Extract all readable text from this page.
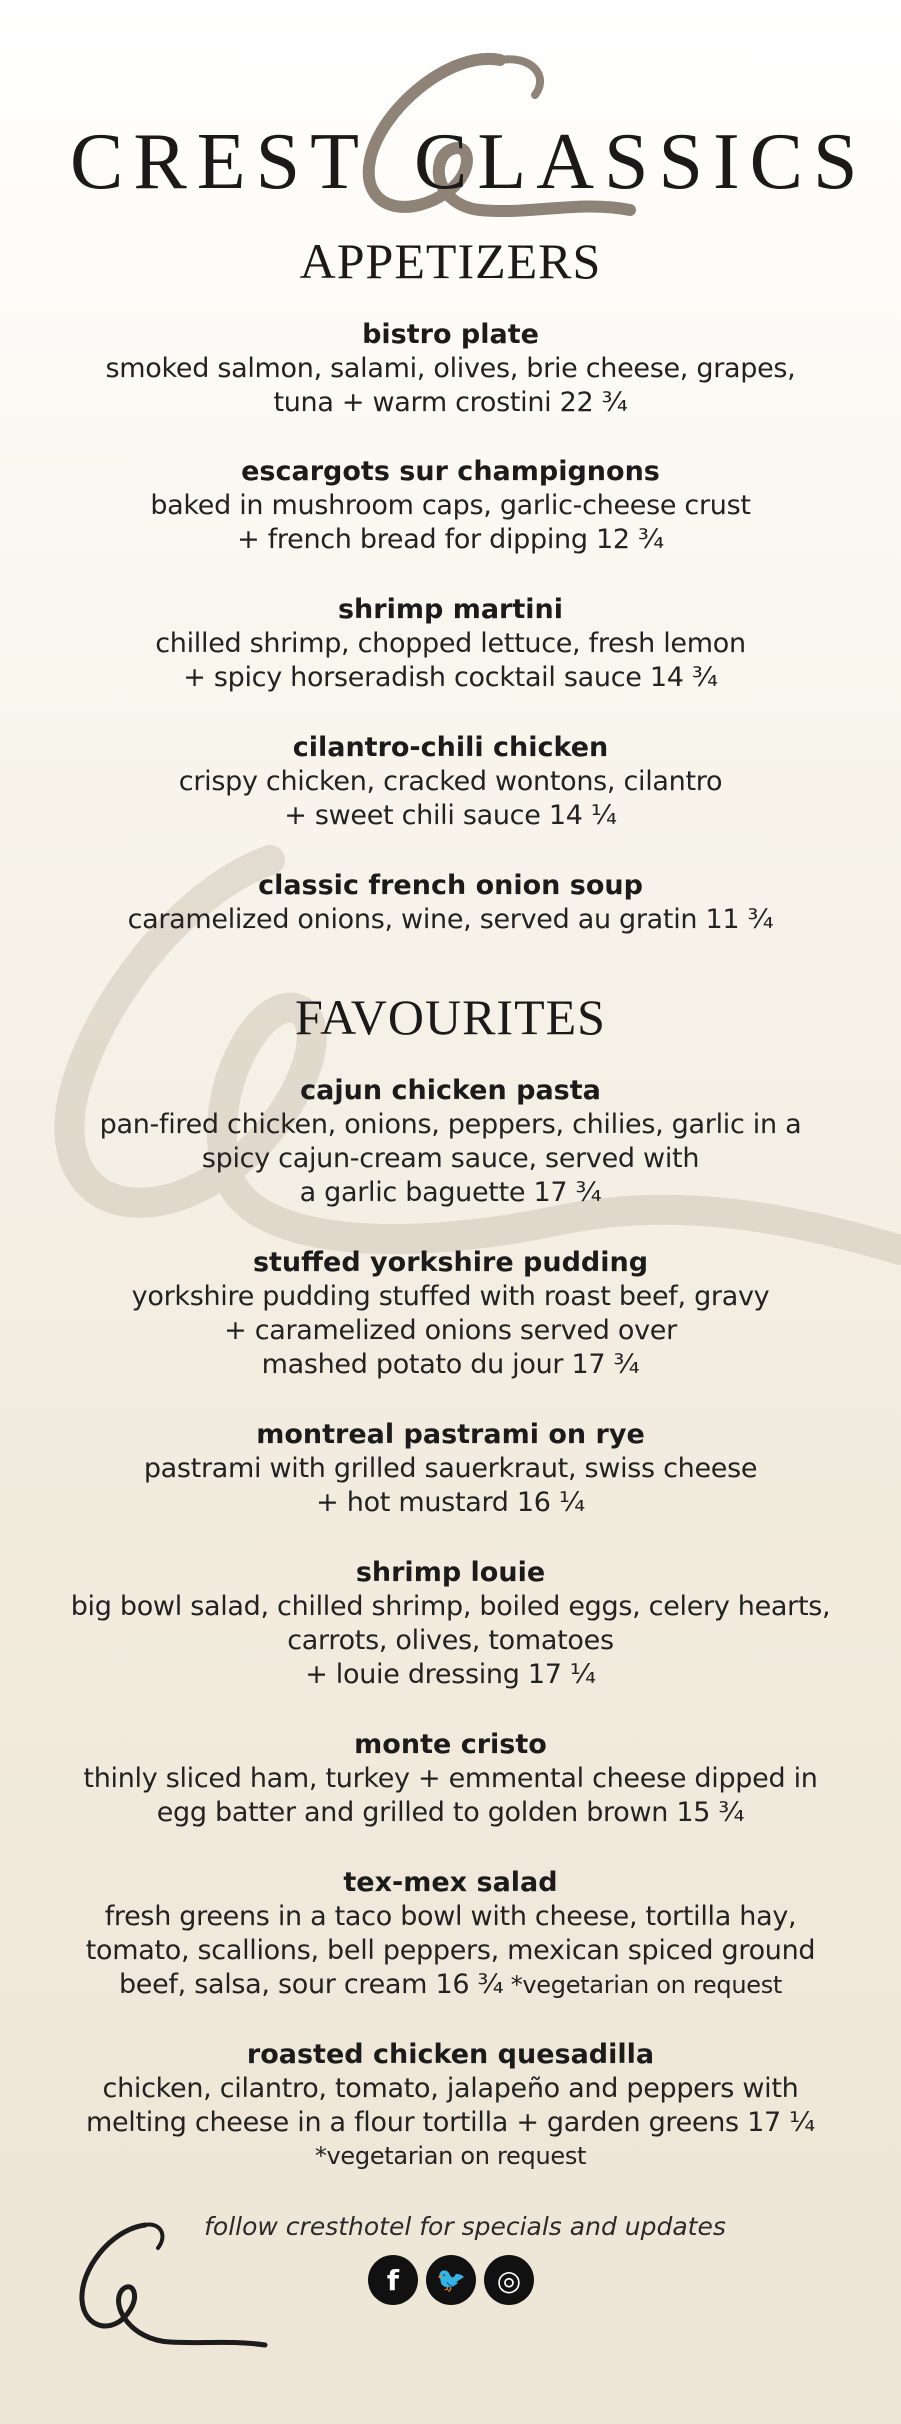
CREST CLASSICS
APPETIZERS
bistro plate
smoked salmon, salami, olives, brie cheese, grapes,
tuna + warm crostini 22 ¾
escargots sur champignons
baked in mushroom caps, garlic-cheese crust
+ french bread for dipping 12 ¾
shrimp martini
chilled shrimp, chopped lettuce, fresh lemon
+ spicy horseradish cocktail sauce 14 ¾
cilantro-chili chicken
crispy chicken, cracked wontons, cilantro
+ sweet chili sauce 14 ¼
classic french onion soup
caramelized onions, wine, served au gratin 11 ¾
FAVOURITES
cajun chicken pasta
pan-fired chicken, onions, peppers, chilies, garlic in a
spicy cajun-cream sauce, served with
a garlic baguette 17 ¾
stuffed yorkshire pudding
yorkshire pudding stuffed with roast beef, gravy
+ caramelized onions served over
mashed potato du jour 17 ¾
montreal pastrami on rye
pastrami with grilled sauerkraut, swiss cheese
+ hot mustard 16 ¼
shrimp louie
big bowl salad, chilled shrimp, boiled eggs, celery hearts,
carrots, olives, tomatoes
+ louie dressing 17 ¼
monte cristo
thinly sliced ham, turkey + emmental cheese dipped in
egg batter and grilled to golden brown 15 ¾
tex-mex salad
fresh greens in a taco bowl with cheese, tortilla hay,
tomato, scallions, bell peppers, mexican spiced ground
beef, salsa, sour cream 16 ¾ *vegetarian on request
roasted chicken quesadilla
chicken, cilantro, tomato, jalapeño and peppers with
melting cheese in a flour tortilla + garden greens 17 ¼
*vegetarian on request
follow cresthotel for specials and updates
f	🐦	◎
